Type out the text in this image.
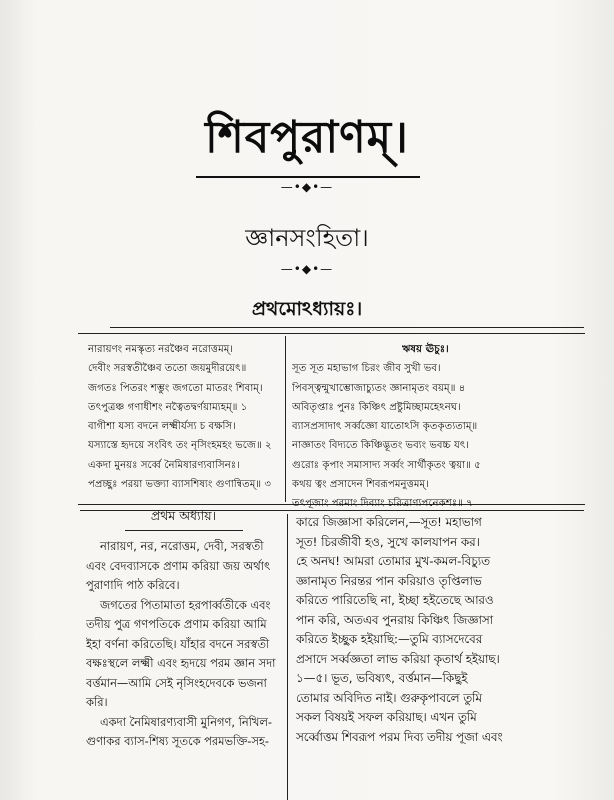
শিবপুরাণম্।
—•◆•—
জ্ঞানসংহিতা।
—•◆•—
প্রথমোঽধ্যায়ঃ।
নারায়ণং নমস্কৃত্য নরঞ্চৈব নরোত্তমম্।
দেবীং সরস্বতীঞ্চৈব ততো জয়মুদীরয়েৎ॥
জগতঃ পিতরং শম্ভুং জগতো মাতরং শিবাম্।
তৎপুত্রঞ্চ গণাধীশং নত্বৈতদ্বর্ণয়াম্যহম্॥ ১
বাগীশা যস্য বদনে লক্ষ্মীর্যস্য চ বক্ষসি।
যস্যাস্তে হৃদয়ে সংবিৎ তং নৃসিংহমহং ভজে॥ ২
একদা মুনয়ঃ সর্ব্বে নৈমিষারণ্যবাসিনঃ।
পপ্রচ্ছুঃ পরয়া ভক্ত্যা ব্যাসশিষ্যং গুণান্বিতম্॥ ৩
ঋষয় ঊচুঃ।
সূত সূত মহাভাগ চিরং জীব সুখী ভব।
পিবস্ত্বন্মুখাম্ভোজাচ্যুতং জ্ঞানামৃতং বয়ম্॥ ৪
অবিতৃপ্তাঃ পুনঃ কিঞ্চিৎ প্রষ্টুমিচ্ছামহেঽনঘ।
ব্যাসপ্রসাদাৎ সর্ব্বজ্ঞো যাতোঽসি কৃতকৃত্যতাম্॥
নাজ্ঞাতং বিদ্যতে কিঞ্চিদ্ভূতং ভব্যং ভবচ্চ যৎ।
গুরোঃ কৃপাং সমাসাদ্য সর্ব্বং সার্থীকৃতং ত্বয়া॥ ৫
কথয় ত্বং প্রসাদেন শিবরূপমনুত্তমম্।
তৎপূজাং পরমাং দিব্যাং চরিত্রাণ্যপনেকশঃ॥ ৭
প্রথম অধ্যায়।
নারায়ণ, নর, নরোত্তম, দেবী, সরস্বতী
এবং বেদব্যাসকে প্রণাম করিয়া জয় অর্থাৎ
পুরাণাদি পাঠ করিবে।
জগতের পিতামাতা হরপার্ব্বতীকে এবং
তদীয় পুত্র গণপতিকে প্রণাম করিয়া আমি
ইহা বর্ণনা করিতেছি। যাঁহার বদনে সরস্বতী
বক্ষঃস্থলে লক্ষ্মী এবং হৃদয়ে পরম জ্ঞান সদা
বর্ত্তমান—আমি সেই নৃসিংহদেবকে ভজনা
করি।
একদা নৈমিষারণ্যবাসী মুনিগণ, নিখিল-
গুণাকর ব্যাস-শিষ্য সূতকে পরমভক্তি-সহ-
কারে জিজ্ঞাসা করিলেন,—সূত! মহাভাগ
সূত! চিরজীবী হও, সুখে কালযাপন কর।
হে অনঘ! আমরা তোমার মুখ-কমল-বিচ্যুত
জ্ঞানামৃত নিরন্তর পান করিয়াও তৃপ্তিলাভ
করিতে পারিতেছি না, ইচ্ছা হইতেছে আরও
পান করি, অতএব পুনরায় কিঞ্চিৎ জিজ্ঞাসা
করিতে ইচ্ছুক হইয়াছি:—তুমি ব্যাসদেবের
প্রসাদে সর্ব্বজ্ঞতা লাভ করিয়া কৃতার্থ হইয়াছ।
১—৫। ভূত, ভবিষ্যৎ, বর্ত্তমান—কিছুই
তোমার অবিদিত নাই। গুরুকৃপাবলে তুমি
সকল বিষয়ই সফল করিয়াছ। এখন তুমি
সর্ব্বোত্তম শিবরূপ পরম দিব্য তদীয় পূজা এবং
